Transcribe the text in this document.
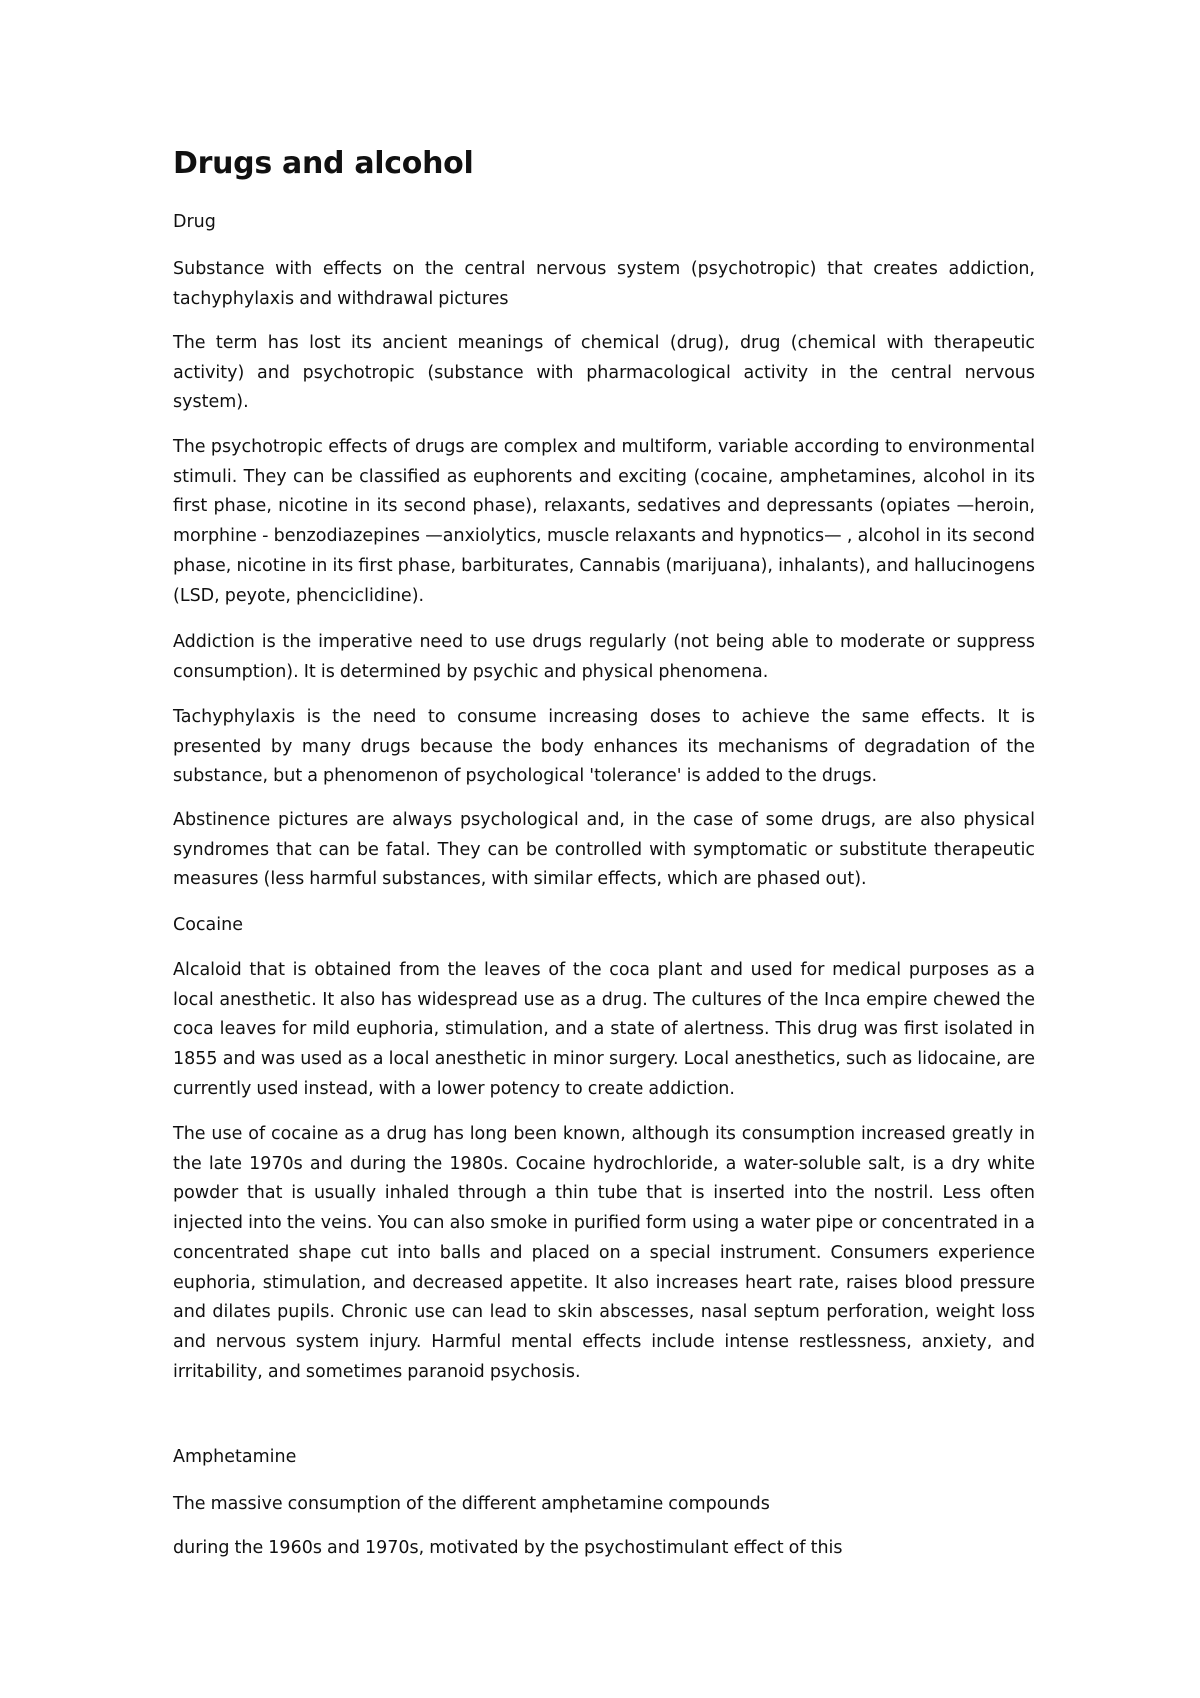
Drugs and alcohol

Drug

Substance with effects on the central nervous system (psychotropic) that creates addiction, tachyphylaxis and withdrawal pictures

The term has lost its ancient meanings of chemical (drug), drug (chemical with therapeutic activity) and psychotropic (substance with pharmacological activity in the central nervous system).

The psychotropic effects of drugs are complex and multiform, variable according to environmental stimuli. They can be classified as euphorents and exciting (cocaine, amphetamines, alcohol in its first phase, nicotine in its second phase), relaxants, sedatives and depressants (opiates —heroin, morphine - benzodiazepines —anxiolytics, muscle relaxants and hypnotics— , alcohol in its second phase, nicotine in its first phase, barbiturates, Cannabis (marijuana), inhalants), and hallucinogens (LSD, peyote, phenciclidine).

Addiction is the imperative need to use drugs regularly (not being able to moderate or suppress consumption). It is determined by psychic and physical phenomena.

Tachyphylaxis is the need to consume increasing doses to achieve the same effects. It is presented by many drugs because the body enhances its mechanisms of degradation of the substance, but a phenomenon of psychological 'tolerance' is added to the drugs.

Abstinence pictures are always psychological and, in the case of some drugs, are also physical syndromes that can be fatal. They can be controlled with symptomatic or substitute therapeutic measures (less harmful substances, with similar effects, which are phased out).

Cocaine

Alcaloid that is obtained from the leaves of the coca plant and used for medical purposes as a local anesthetic. It also has widespread use as a drug. The cultures of the Inca empire chewed the coca leaves for mild euphoria, stimulation, and a state of alertness. This drug was first isolated in 1855 and was used as a local anesthetic in minor surgery. Local anesthetics, such as lidocaine, are currently used instead, with a lower potency to create addiction.

The use of cocaine as a drug has long been known, although its consumption increased greatly in the late 1970s and during the 1980s. Cocaine hydrochloride, a water-soluble salt, is a dry white powder that is usually inhaled through a thin tube that is inserted into the nostril. Less often injected into the veins. You can also smoke in purified form using a water pipe or concentrated in a concentrated shape cut into balls and placed on a special instrument. Consumers experience euphoria, stimulation, and decreased appetite. It also increases heart rate, raises blood pressure and dilates pupils. Chronic use can lead to skin abscesses, nasal septum perforation, weight loss and nervous system injury. Harmful mental effects include intense restlessness, anxiety, and irritability, and sometimes paranoid psychosis.

Amphetamine

The massive consumption of the different amphetamine compounds

during the 1960s and 1970s, motivated by the psychostimulant effect of this
